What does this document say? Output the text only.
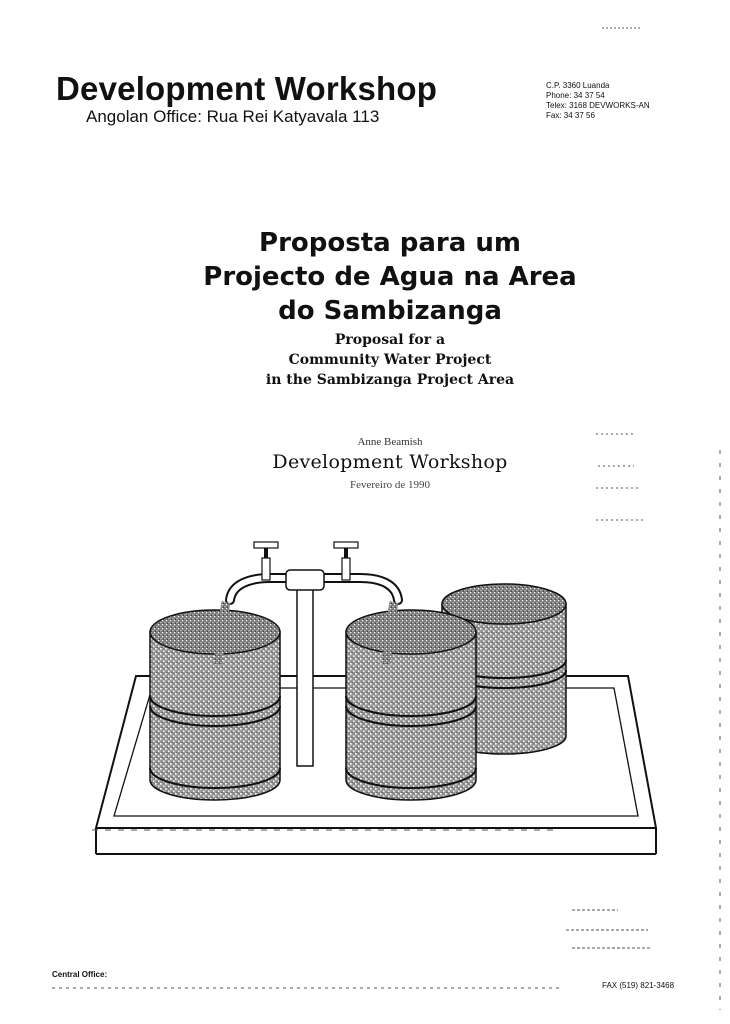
Development Workshop
Angolan Office: Rua Rei Katyavala 113
C.P. 3360 Luanda
Phone: 34 37 54
Telex: 3168 DEVWORKS-AN
Fax: 34 37 56
Proposta para um
Projecto de Agua na Area
do Sambizanga
Proposal for a
Community Water Project
in the Sambizanga Project Area
Anne Beamish
Development Workshop
Fevereiro de 1990
Central Office:
FAX (519) 821-3468
